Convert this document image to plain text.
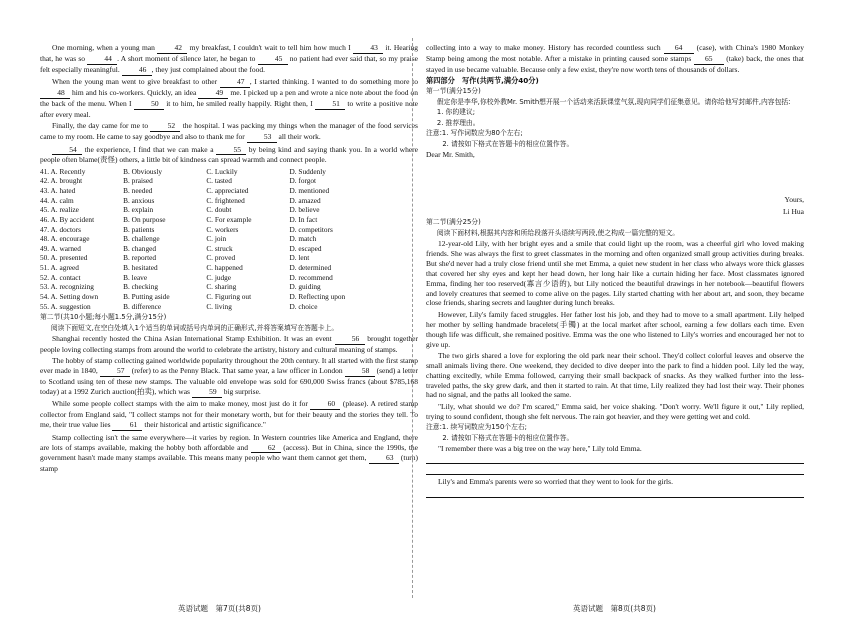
One morning, when a young man 42 my breakfast, I couldn't wait to tell him how much I 43 it. Hearing that, he was so 44 . A short moment of silence later, he began to 45 no patient had ever said that, so my praise felt especially meaningful. 46 , they just complained about the food.

When the young man went to give breakfast to other 47 , I started thinking. I wanted to do something more to 48 him and his co-workers. Quickly, an idea 49 me. I picked up a pen and wrote a nice note about the food on the back of the menu. When I 50 it to him, he smiled really happily. Right then, I 51 to write a positive note after every meal.

Finally, the day came for me to 52 the hospital. I was packing my things when the manager of the food services came to my room. He came to say goodbye and also to thank me for 53 all their work.

54 the experience, I find that we can make a 55 by being kind and saying thank you. In a world where people often blame(责怪) others, a little bit of kindness can spread warmth and connect people.

41. A. Recently	B. Obviously	C. Luckily	D. Suddenly
42. A. brought	B. praised	C. tasted	D. forgot
43. A. hated	B. needed	C. appreciated	D. mentioned
44. A. calm	B. anxious	C. frightened	D. amazed
45. A. realize	B. explain	C. doubt	D. believe
46. A. By accident	B. On purpose	C. For example	D. In fact
47. A. doctors	B. patients	C. workers	D. competitors
48. A. encourage	B. challenge	C. join	D. match
49. A. warned	B. changed	C. struck	D. escaped
50. A. presented	B. reported	C. proved	D. lent
51. A. agreed	B. hesitated	C. happened	D. determined
52. A. contact	B. leave	C. judge	D. recommend
53. A. recognizing	B. checking	C. sharing	D. guiding
54. A. Setting down	B. Putting aside	C. Figuring out	D. Reflecting upon
55. A. suggestion	B. difference	C. living	D. choice

第二节(共10小题;每小题1.5分,满分15分)

阅读下面短文,在空白处填入1个适当的单词或括号内单词的正确形式,并将答案填写在答题卡上。

Shanghai recently hosted the China Asian International Stamp Exhibition. It was an event 56 brought together people loving collecting stamps from around the world to celebrate the artistry, history and cultural meaning of stamps.

The hobby of stamp collecting gained worldwide popularity throughout the 20th century. It all started with the first stamp ever made in 1840, 57 (refer) to as the Penny Black. That same year, a law officer in London 58 (send) a letter to Scotland using ten of these new stamps. The valuable old envelope was sold for 690,000 Swiss francs (about $785,168 today) at a 1992 Zurich auction(拍卖), which was 59 big surprise.

While some people collect stamps with the aim to make money, most just do it for 60 (please). A retired stamp collector from England said, "I collect stamps not for their monetary worth, but for their beauty and the stories they tell. To me, their true value lies 61 their historical and artistic significance."

Stamp collecting isn't the same everywhere—it varies by region. In Western countries like America and England, there are lots of stamps available, making the hobby both affordable and 62 (access). But in China, since the 1990s, the government hasn't made many stamps available. This means many people who want them cannot get them, 63 (turn) stamp

collecting into a way to make money. History has recorded countless such 64 (case), with China's 1980 Monkey Stamp being among the most notable. After a mistake in printing caused some stamps 65 (take) back, the ones that stayed in use became valuable. Because only a few exist, they're now worth tens of thousands of dollars.

第四部分　写作(共两节,满分40分)

第一节(满分15分)

假定你是李华,你校外教Mr. Smith想开展一个活动来活跃课堂气氛,现向同学们征集意见。请你给他写封邮件,内容包括:

1. 你的建议;

2. 推荐理由。

注意:1. 写作词数应为80个左右;

2. 请按如下格式在答题卡的相应位置作答。

Dear Mr. Smith,

Yours,

Li Hua

第二节(满分25分)

阅读下面材料,根据其内容和所给段落开头语续写两段,使之构成一篇完整的短文。

12-year-old Lily, with her bright eyes and a smile that could light up the room, was a cheerful girl who loved making friends. She was always the first to greet classmates in the morning and often organized small group activities during breaks. But she'd never had a truly close friend until she met Emma, a quiet new student in her class who always wore thick glasses that covered her shy eyes and kept her head down, her long hair like a curtain hiding her face. Most classmates ignored Emma, finding her too reserved(寡言少语的), but Lily noticed the beautiful drawings in her notebook—beautiful flowers and lovely creatures that seemed to come alive on the pages. Lily started chatting with her about art, and soon, they became close friends, sharing secrets and laughter during lunch breaks.

However, Lily's family faced struggles. Her father lost his job, and they had to move to a small apartment. Lily helped her mother by selling handmade bracelets(手镯) at the local market after school, earning a few dollars each time. Even though life was difficult, she remained positive. Emma was the one who listened to Lily's worries and encouraged her not to give up.

The two girls shared a love for exploring the old park near their school. They'd collect colorful leaves and observe the small animals living there. One weekend, they decided to dive deeper into the park to find a hidden pool. Lily led the way, chatting excitedly, while Emma followed, carrying their small backpack of snacks. As they walked further into the less-traveled paths, the sky grew dark, and then it started to rain. At that time, Lily realized they had lost their way. Their phones had no signal, and the paths all looked the same.

"Lily, what should we do? I'm scared," Emma said, her voice shaking. "Don't worry. We'll figure it out," Lily replied, trying to sound confident, though she felt nervous. The rain got heavier, and they were getting wet and cold.

注意:1. 续写词数应为150个左右;

2. 请按如下格式在答题卡的相应位置作答。

"I remember there was a big tree on the way here," Lily told Emma.

Lily's and Emma's parents were so worried that they went to look for the girls.

英语试题　第7页(共8页)	英语试题　第8页(共8页)
